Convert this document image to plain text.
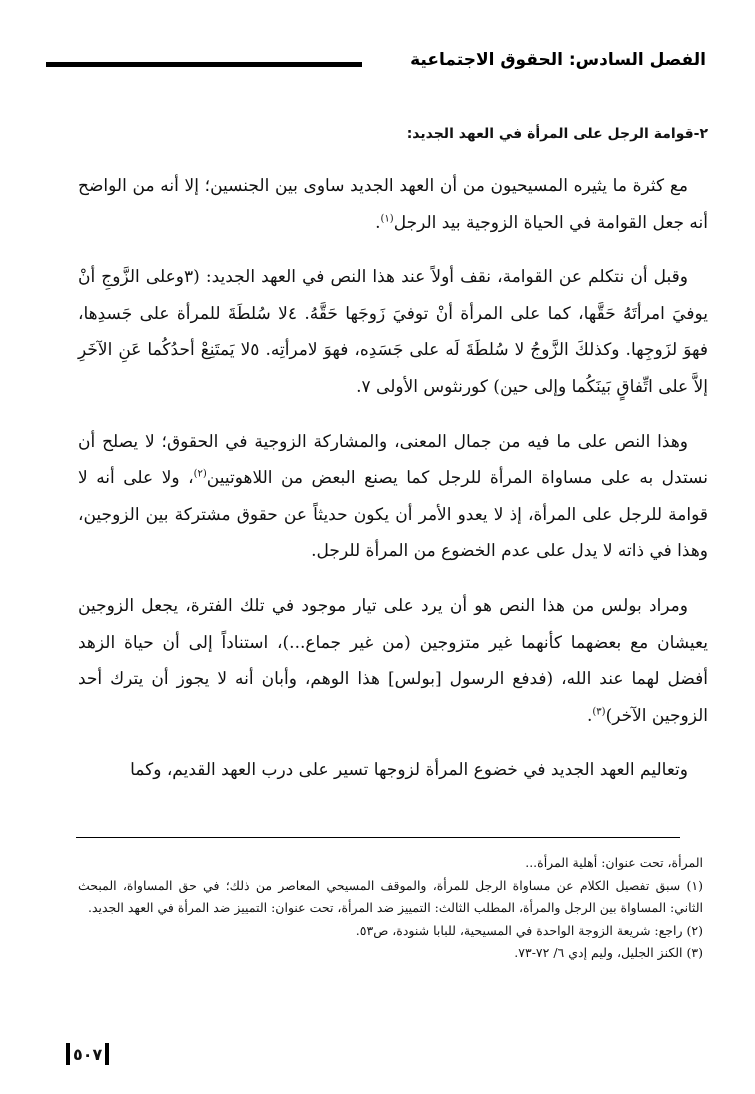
الفصل السادس: الحقوق الاجتماعية
٢-قوامة الرجل على المرأة في العهد الجديد:

مع كثرة ما يثيره المسيحيون من أن العهد الجديد ساوى بين الجنسين؛ إلا أنه من الواضح أنه جعل القوامة في الحياة الزوجية بيد الرجل$^{(١)}$.

وقبل أن نتكلم عن القوامة، نقف أولاً عند هذا النص في العهد الجديد: (٣وعلى الزَّوجِ أنْ يوفيَ امرأتَهُ حَقَّها، كما على المرأة أنْ توفيَ زَوجَها حَقَّهُ. ٤لا سُلطَةَ للمرأة على جَسدِها، فهوَ لزَوجِها. وكذلكَ الزَّوجُ لا سُلطَةَ لَه على جَسَدِه، فهوَ لامرأتِه. ٥لا يَمتَنِعْ أحدُكُما عَنِ الآخَرِ إلاَّ على اتِّفاقٍ بَينَكُما وإلى حين) كورنثوس الأولى ٧.

وهذا النص على ما فيه من جمال المعنى، والمشاركة الزوجية في الحقوق؛ لا يصلح أن نستدل به على مساواة المرأة للرجل كما يصنع البعض من اللاهوتيين$^{(٢)}$، ولا على أنه لا قوامة للرجل على المرأة، إذ لا يعدو الأمر أن يكون حديثاً عن حقوق مشتركة بين الزوجين، وهذا في ذاته لا يدل على عدم الخضوع من المرأة للرجل.

ومراد بولس من هذا النص هو أن يرد على تيار موجود في تلك الفترة، يجعل الزوجين يعيشان مع بعضهما كأنهما غير متزوجين (من غير جماع...)، استناداً إلى أن حياة الزهد أفضل لهما عند الله، (فدفع الرسول [بولس] هذا الوهم، وأبان أنه لا يجوز أن يترك أحد الزوجين الآخر)$^{(٣)}$.

وتعاليم العهد الجديد في خضوع المرأة لزوجها تسير على درب العهد القديم، وكما

المرأة، تحت عنوان: أهلية المرأة...
(١) سبق تفصيل الكلام عن مساواة الرجل للمرأة، والموقف المسيحي المعاصر من ذلك؛ في حق المساواة، المبحث الثاني: المساواة بين الرجل والمرأة، المطلب الثالث: التمييز ضد المرأة، تحت عنوان: التمييز ضد المرأة في العهد الجديد.
(٢) راجع: شريعة الزوجة الواحدة في المسيحية، للبابا شنودة، ص٥٣.
(٣) الكنز الجليل، وليم إدي ٦/ ٧٢-٧٣.
٥٠٧
